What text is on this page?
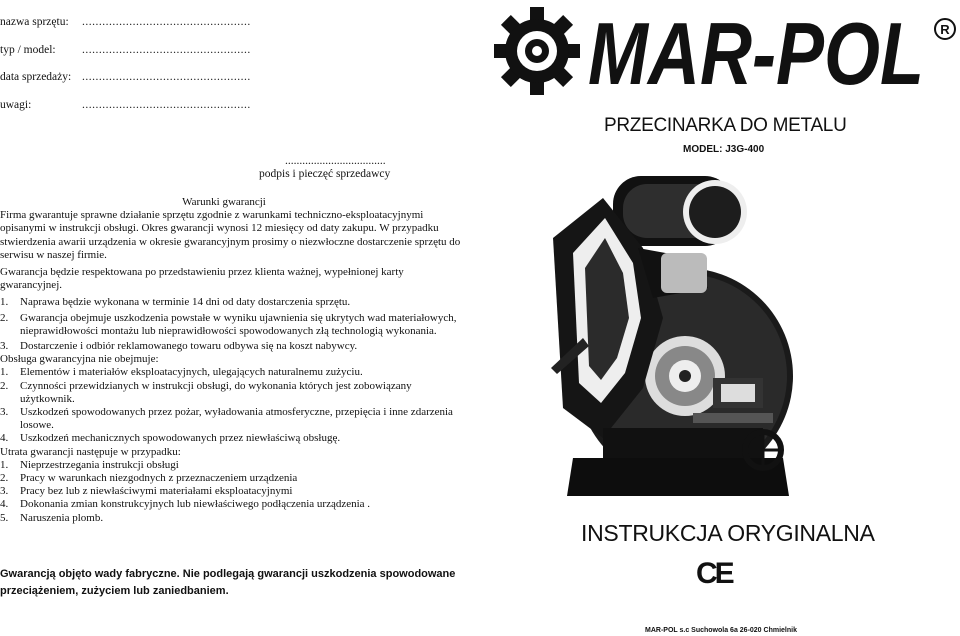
nazwa sprzętu: ..................................................
typ / model: ..................................................
data sprzedaży: ..................................................
uwagi:	..................................................
...................................
podpis i pieczęć sprzedawcy

Warunki gwarancji

Firma gwarantuje sprawne działanie sprzętu zgodnie z warunkami techniczno-eksploatacyjnymi opisanymi w instrukcji obsługi. Okres gwarancji wynosi 12 miesięcy od daty zakupu. W przypadku stwierdzenia awarii urządzenia w okresie gwarancyjnym prosimy o niezwłoczne dostarczenie sprzętu do serwisu w naszej firmie.

Gwarancja będzie respektowana po przedstawieniu przez klienta ważnej, wypełnionej karty gwarancyjnej.

1.	Naprawa będzie wykonana w terminie 14 dni od daty dostarczenia sprzętu.
2.	Gwarancja obejmuje uszkodzenia powstałe w wyniku ujawnienia się ukrytych wad materiałowych, nieprawidłowości montażu lub nieprawidłowości spowodowanych złą technologią wykonania.
3.	Dostarczenie i odbiór reklamowanego towaru odbywa się na koszt nabywcy.

Obsługa gwarancyjna nie obejmuje:

1.	Elementów i materiałów eksploatacyjnych, ulegających naturalnemu zużyciu.
2.	Czynności przewidzianych w instrukcji obsługi, do wykonania których jest zobowiązany użytkownik.
3.	Uszkodzeń spowodowanych przez pożar, wyładowania atmosferyczne, przepięcia i inne zdarzenia losowe.
4.	Uszkodzeń mechanicznych spowodowanych przez niewłaściwą obsługę.

Utrata gwarancji następuje w przypadku:

1.	Nieprzestrzegania instrukcji obsługi
2.	Pracy w warunkach niezgodnych z przeznaczeniem urządzenia
3.	Pracy bez lub z niewłaściwymi materiałami eksploatacyjnymi
4.	Dokonania zmian konstrukcyjnych lub niewłaściwego podłączenia urządzenia .
5.	Naruszenia plomb.
Gwarancją objęto wady fabryczne. Nie podlegają gwarancji uszkodzenia spowodowane
przeciążeniem, zużyciem lub zaniedbaniem.
MAR-POL R
PRZECINARKA DO METALU
MODEL: J3G-400
INSTRUKCJA ORYGINALNA
CE
MAR-POL s.c Suchowola 6a 26-020 Chmielnik
